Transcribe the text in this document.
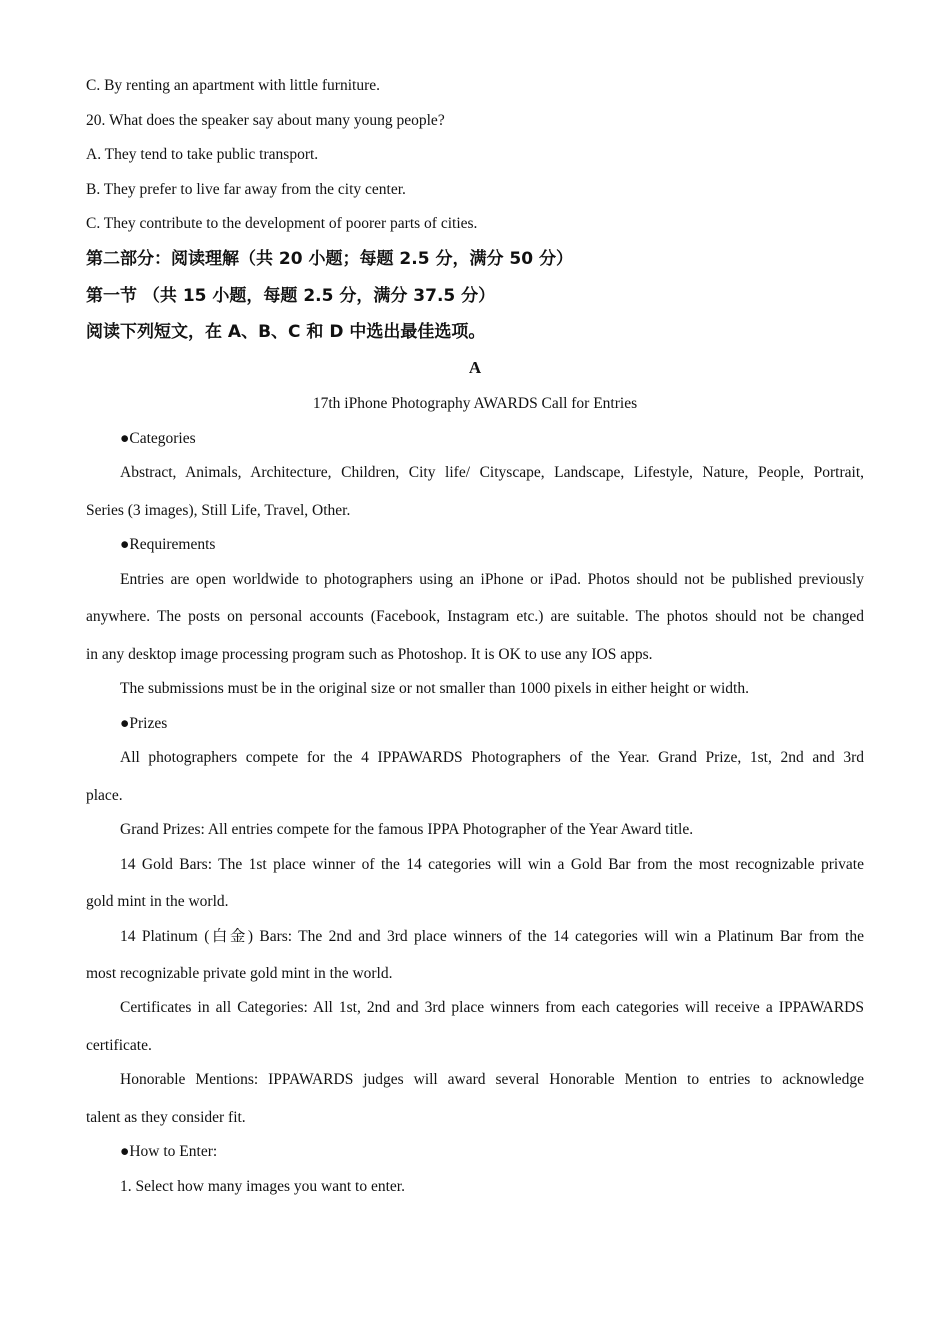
C. By renting an apartment with little furniture.
20. What does the speaker say about many young people?
A. They tend to take public transport.
B. They prefer to live far away from the city center.
C. They contribute to the development of poorer parts of cities.
第二部分：阅读理解（共 20 小题；每题 2.5 分，满分 50 分）
第一节 （共 15 小题，每题 2.5 分，满分 37.5 分）
阅读下列短文，在 A、B、C 和 D 中选出最佳选项。
A
17th iPhone Photography AWARDS Call for Entries
●Categories
Abstract, Animals, Architecture, Children, City life/ Cityscape, Landscape, Lifestyle, Nature, People, Portrait,
Series (3 images), Still Life, Travel, Other.
●Requirements
Entries are open worldwide to photographers using an iPhone or iPad. Photos should not be published previously
anywhere. The posts on personal accounts (Facebook, Instagram etc.) are suitable. The photos should not be changed
in any desktop image processing program such as Photoshop. It is OK to use any IOS apps.
The submissions must be in the original size or not smaller than 1000 pixels in either height or width.
●Prizes
All photographers compete for the 4 IPPAWARDS Photographers of the Year. Grand Prize, 1st, 2nd and 3rd
place.
Grand Prizes: All entries compete for the famous IPPA Photographer of the Year Award title.
14 Gold Bars: The 1st place winner of the 14 categories will win a Gold Bar from the most recognizable private
gold mint in the world.
14 Platinum (白金) Bars: The 2nd and 3rd place winners of the 14 categories will win a Platinum Bar from the
most recognizable private gold mint in the world.
Certificates in all Categories: All 1st, 2nd and 3rd place winners from each categories will receive a IPPAWARDS
certificate.
Honorable Mentions: IPPAWARDS judges will award several Honorable Mention to entries to acknowledge
talent as they consider fit.
●How to Enter:
1. Select how many images you want to enter.
